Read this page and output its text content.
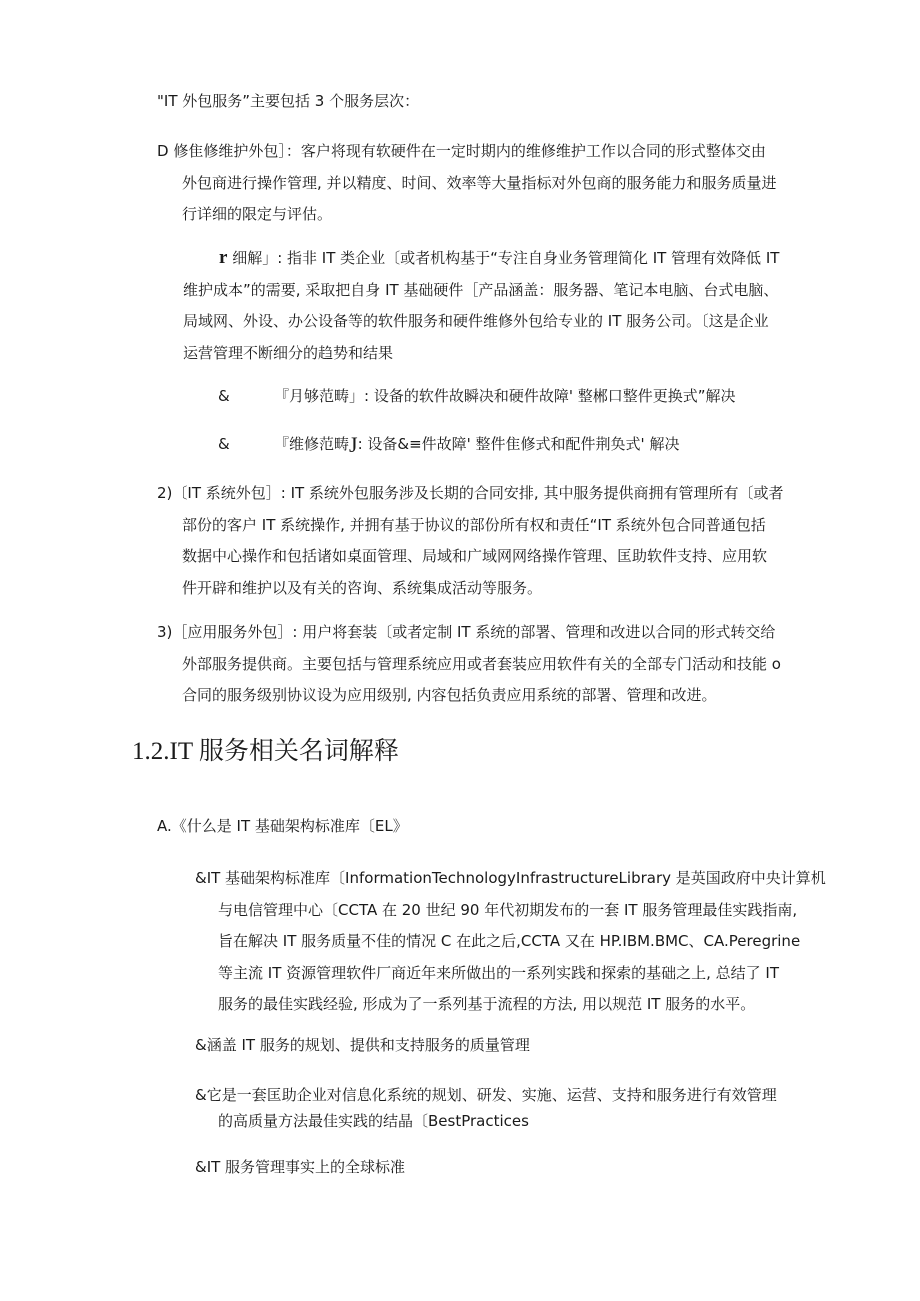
"IT 外包服务”主要包括 3 个服务层次：

D 修隹修维护外包］：客户将现有软硬件在一定时期内的维修维护工作以合同的形式整体交由
外包商进行操作管理, 并以精度、时间、效率等大量指标对外包商的服务能力和服务质量进
行详细的限定与评估。

r 细解」: 指非 IT 类企业〔或者机构基于“专注自身业务管理简化 IT 管理有效降低 IT
维护成本”的需要, 采取把自身 IT 基础硬件［产品涵盖：服务器、笔记本电脑、台式电脑、
局域网、外设、办公设备等的软件服务和硬件维修外包给专业的 IT 服务公司。〔这是企业
运营管理不断细分的趋势和结果

&	『月够范畴」: 设备的软件故瞬决和硬件故障' 整郴口整件更换式”解决
&	『维修范畴 J : 设备&≡件故障' 整件隹修式和配件荆奂式' 解决

2)〔IT 系统外包］: IT 系统外包服务涉及长期的合同安排, 其中服务提供商拥有管理所有〔或者
部份的客户 IT 系统操作, 并拥有基于协议的部份所有权和责任“IT 系统外包合同普通包括
数据中心操作和包括诸如桌面管理、局域和广域网网络操作管理、匡助软件支持、应用软
件开辟和维护以及有关的咨询、系统集成活动等服务。

3)［应用服务外包］: 用户将套装〔或者定制 IT 系统的部署、管理和改进以合同的形式转交给
外部服务提供商。主要包括与管理系统应用或者套装应用软件有关的全部专门活动和技能 o
合同的服务级别协议设为应用级别, 内容包括负责应用系统的部署、管理和改进。

1.2.IT 服务相关名词解释

A.《什么是 IT 基础架构标准库〔EL》

&IT 基础架构标准库〔InformationTechnologyInfrastructureLibrary 是英国政府中央计算机
与电信管理中心〔CCTA 在 20 世纪 90 年代初期发布的一套 IT 服务管理最佳实践指南,
旨在解决 IT 服务质量不佳的情况 C 在此之后,CCTA 又在 HP.IBM.BMC、CA.Peregrine
等主流 IT 资源管理软件厂商近年来所做出的一系列实践和探索的基础之上, 总结了 IT
服务的最佳实践经验, 形成为了一系列基于流程的方法, 用以规范 IT 服务的水平。

&涵盖 IT 服务的规划、提供和支持服务的质量管理

&它是一套匡助企业对信息化系统的规划、研发、实施、运营、支持和服务进行有效管理
的高质量方法最佳实践的结晶〔BestPractices

&IT 服务管理事实上的全球标准
